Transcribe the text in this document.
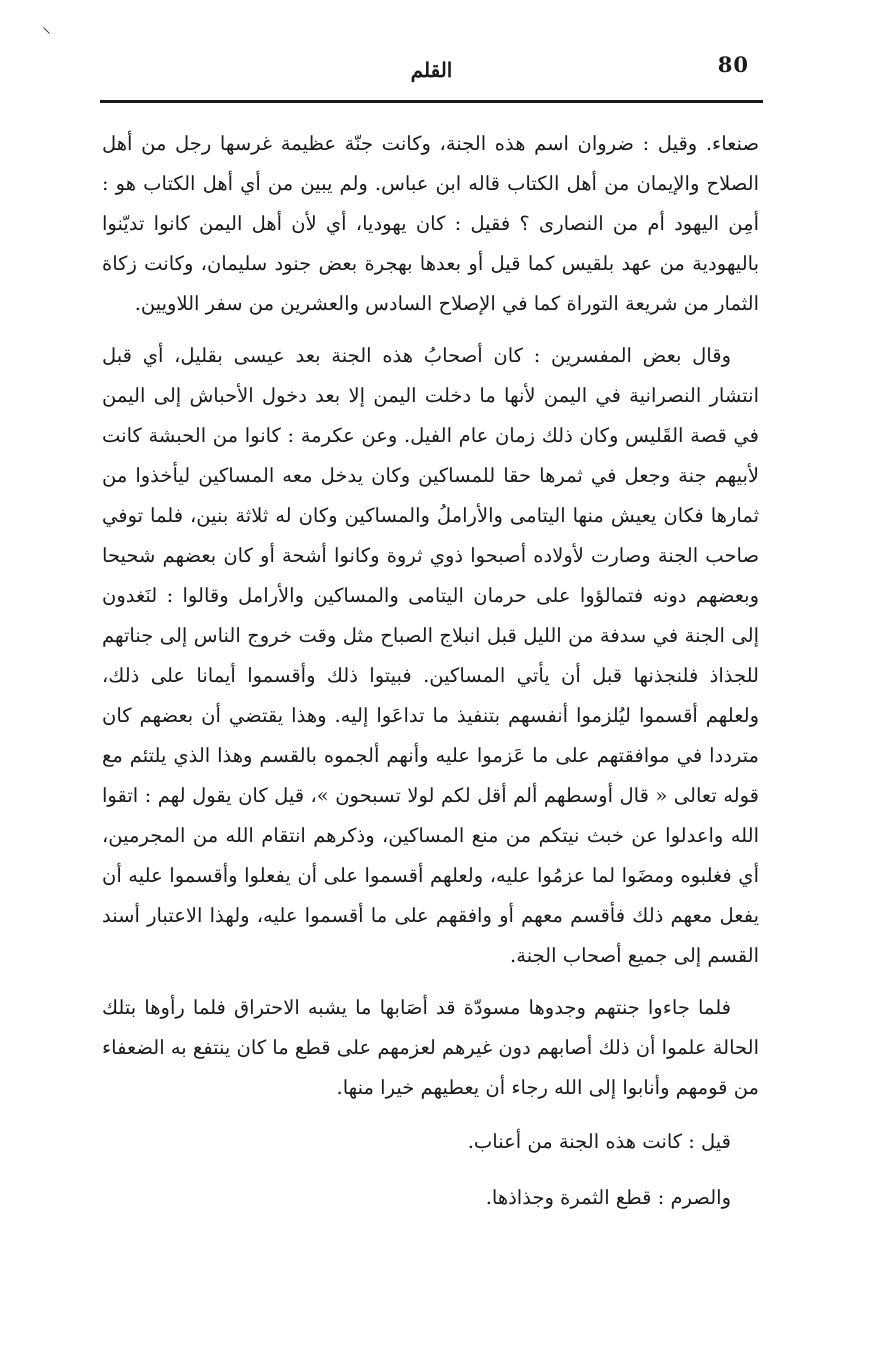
⸌
80
القلم

صنعاء. وقيل : ضروان اسم هذه الجنة، وكانت جنّة عظيمة غرسها رجل من أهل الصلاح والإيمان من أهل الكتاب قاله ابن عباس. ولم يبين من أي أهل الكتاب هو : أمِن اليهود أم من النصارى ؟ فقيل : كان يهوديا، أي لأن أهل اليمن كانوا تديّنوا باليهودية من عهد بلقيس كما قيل أو بعدها بهجرة بعض جنود سليمان، وكانت زكاة الثمار من شريعة التوراة كما في الإصلاح السادس والعشرين من سفر اللاويين.

وقال بعض المفسرين : كان أصحابُ هذه الجنة بعد عيسى بقليل، أي قبل انتشار النصرانية في اليمن لأنها ما دخلت اليمن إلا بعد دخول الأحباش إلى اليمن في قصة القَليس وكان ذلك زمان عام الفيل. وعن عكرمة : كانوا من الحبشة كانت لأبيهم جنة وجعل في ثمرها حقا للمساكين وكان يدخل معه المساكين ليأخذوا من ثمارها فكان يعيش منها اليتامى والأراملُ والمساكين وكان له ثلاثة بنين، فلما توفي صاحب الجنة وصارت لأولاده أصبحوا ذوي ثروة وكانوا أشحة أو كان بعضهم شحيحا وبعضهم دونه فتمالؤوا على حرمان اليتامى والمساكين والأرامل وقالوا : لنَغدون إلى الجنة في سدفة من الليل قبل انبلاج الصباح مثل وقت خروج الناس إلى جناتهم للجذاذ فلنجذنها قبل أن يأتي المساكين. فبيتوا ذلك وأقسموا أيمانا على ذلك، ولعلهم أقسموا ليُلزموا أنفسهم بتنفيذ ما تداعَوا إليه. وهذا يقتضي أن بعضهم كان مترددا في موافقتهم على ما عَزموا عليه وأنهم ألجموه بالقسم وهذا الذي يلتئم مع قوله تعالى « قال أوسطهم ألم أقل لكم لولا تسبحون »، قيل كان يقول لهم : اتقوا الله واعدلوا عن خبث نيتكم من منع المساكين، وذكرهم انتقام الله من المجرمين، أي فغلبوه ومضَوا لما عزمُوا عليه، ولعلهم أقسموا على أن يفعلوا وأقسموا عليه أن يفعل معهم ذلك فأقسم معهم أو وافقهم على ما أقسموا عليه، ولهذا الاعتبار أسند القسم إلى جميع أصحاب الجنة.

فلما جاءوا جنتهم وجدوها مسودّة قد أصَابها ما يشبه الاحتراق فلما رأوها بتلك الحالة علموا أن ذلك أصابهم دون غيرهم لعزمهم على قطع ما كان ينتفع به الضعفاء من قومهم وأنابوا إلى الله رجاء أن يعطيهم خيرا منها.

قيل : كانت هذه الجنة من أعناب.

والصرم : قطع الثمرة وجذاذها.
